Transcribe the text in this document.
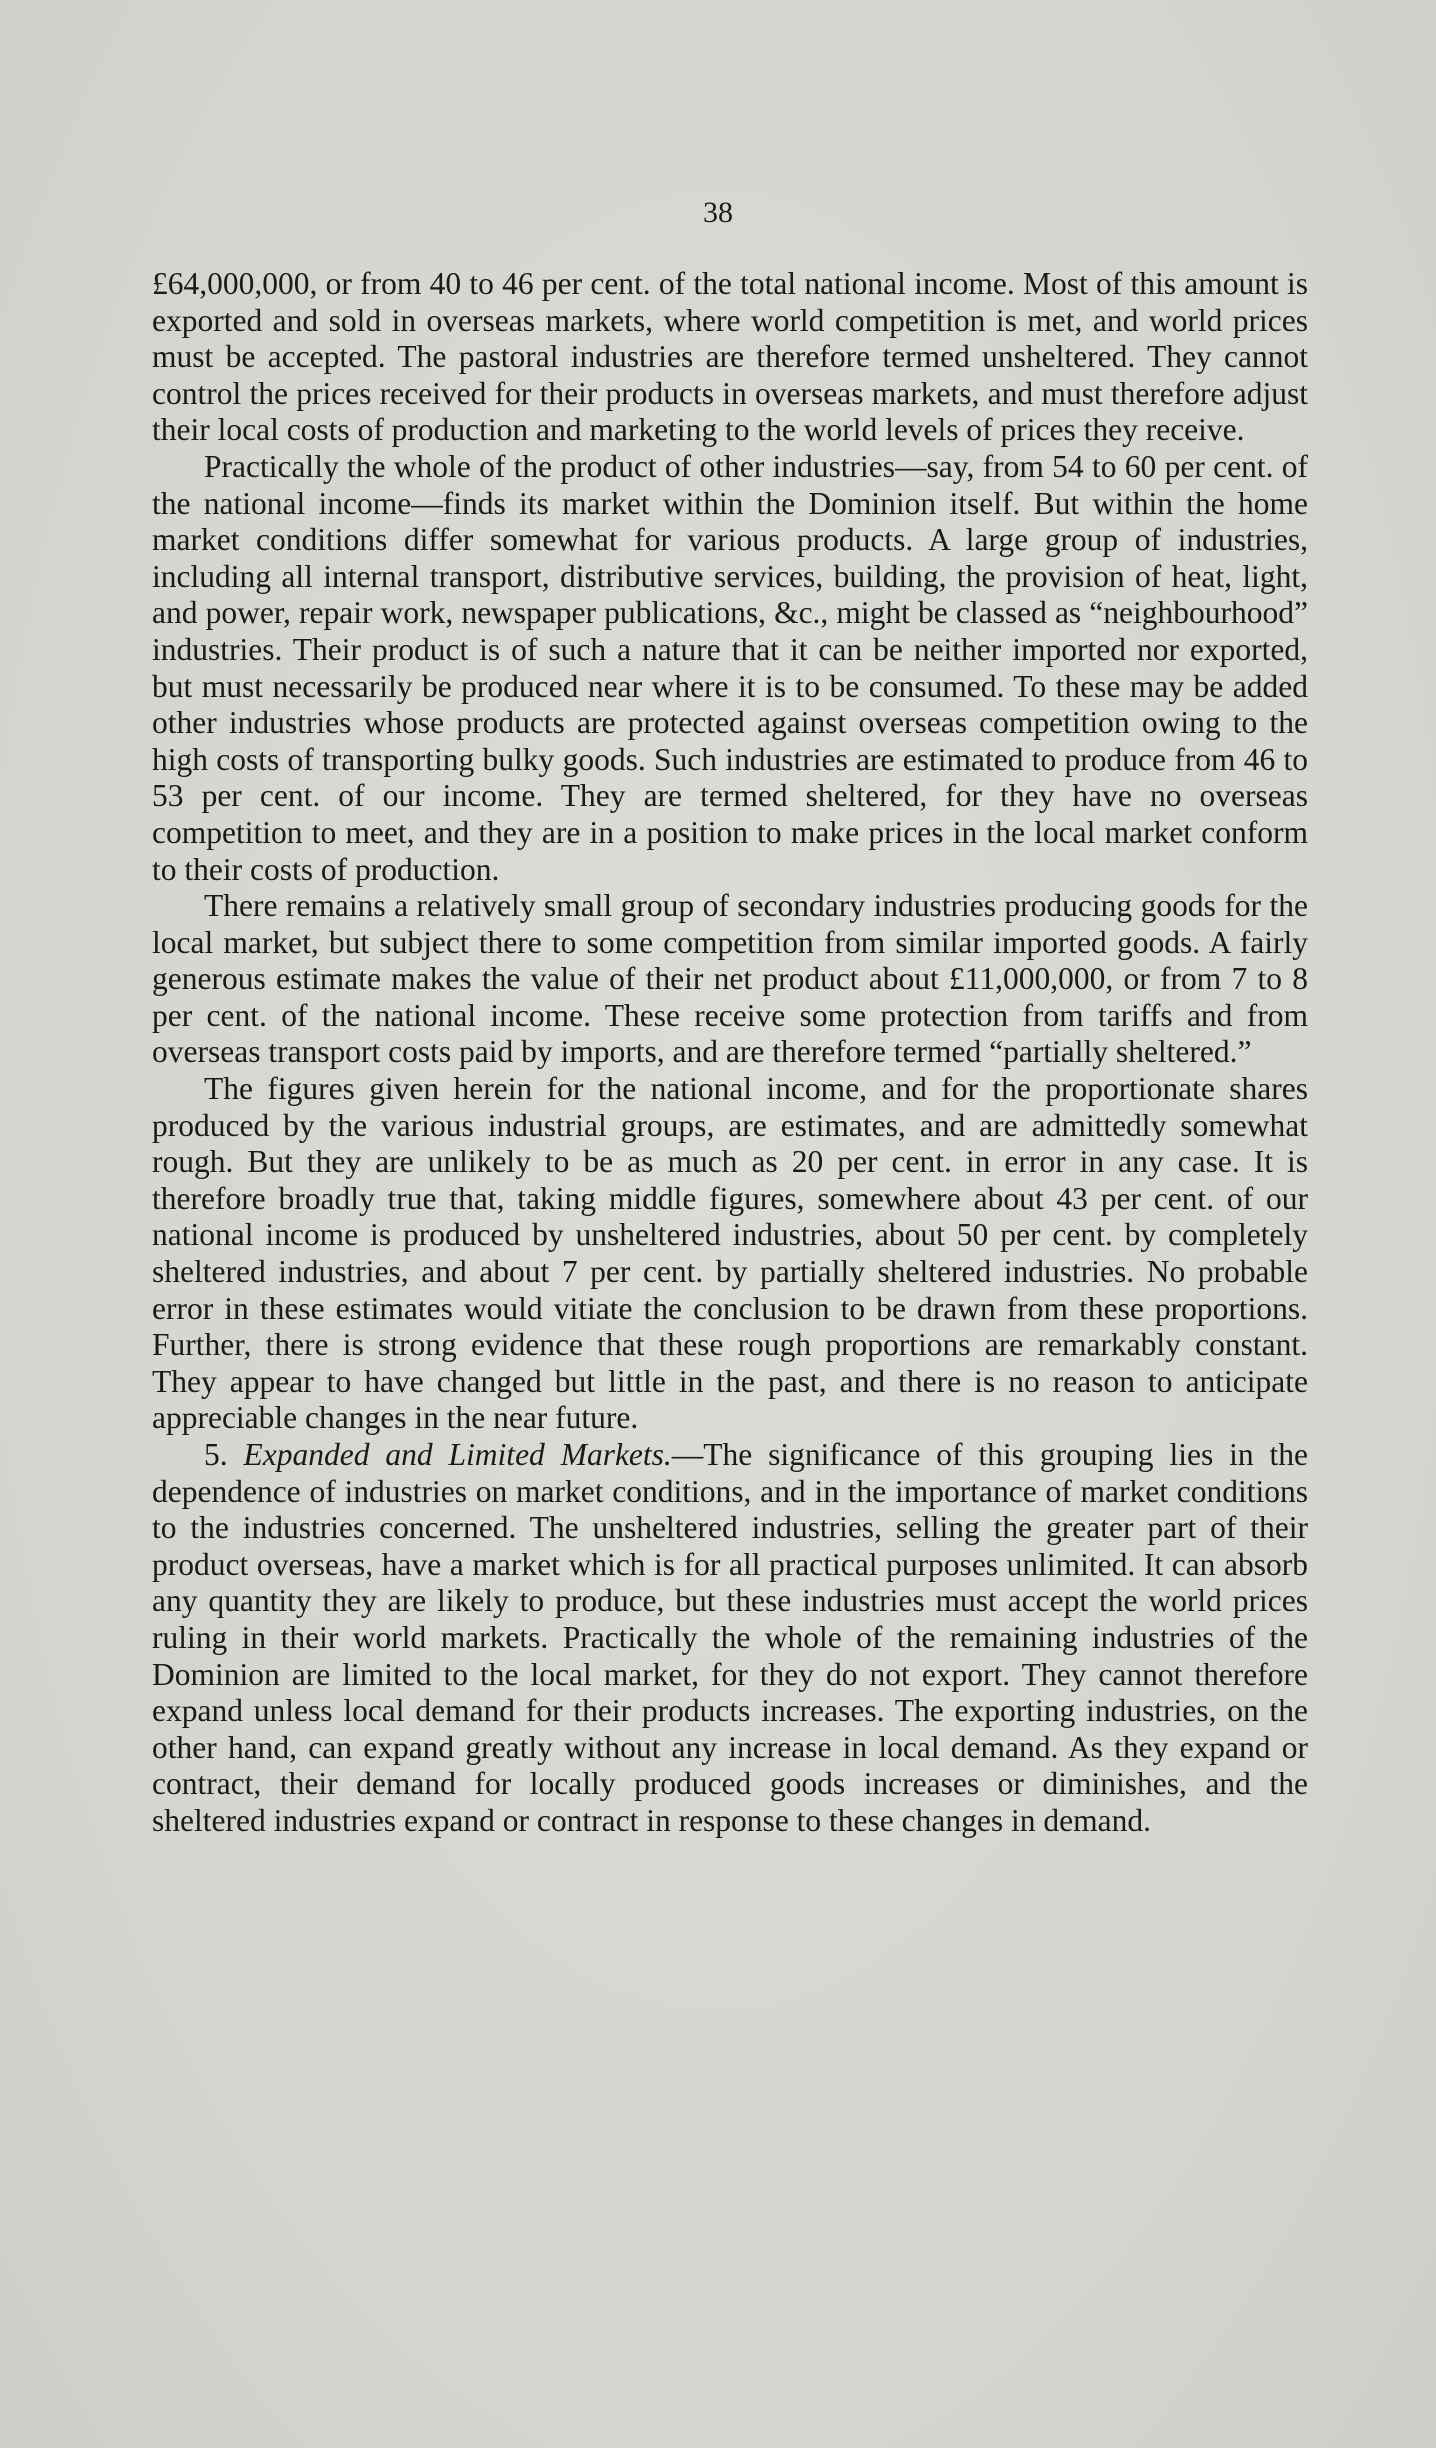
38

£64,000,000, or from 40 to 46 per cent. of the total national income. Most of this amount is exported and sold in overseas markets, where world competition is met, and world prices must be accepted. The pastoral industries are therefore termed unsheltered. They cannot control the prices received for their products in overseas markets, and must therefore adjust their local costs of production and marketing to the world levels of prices they receive.

Practically the whole of the product of other industries—say, from 54 to 60 per cent. of the national income—finds its market within the Dominion itself. But within the home market conditions differ somewhat for various products. A large group of industries, including all internal transport, distributive services, building, the provision of heat, light, and power, repair work, newspaper publications, &c., might be classed as “neighbourhood” industries. Their product is of such a nature that it can be neither imported nor exported, but must necessarily be produced near where it is to be consumed. To these may be added other industries whose products are protected against overseas competition owing to the high costs of transporting bulky goods. Such industries are estimated to produce from 46 to 53 per cent. of our income. They are termed sheltered, for they have no overseas competition to meet, and they are in a position to make prices in the local market conform to their costs of production.

There remains a relatively small group of secondary industries producing goods for the local market, but subject there to some competition from similar imported goods. A fairly generous estimate makes the value of their net product about £11,000,000, or from 7 to 8 per cent. of the national income. These receive some protection from tariffs and from overseas transport costs paid by imports, and are therefore termed “partially sheltered.”

The figures given herein for the national income, and for the proportionate shares produced by the various industrial groups, are estimates, and are admittedly somewhat rough. But they are unlikely to be as much as 20 per cent. in error in any case. It is therefore broadly true that, taking middle figures, somewhere about 43 per cent. of our national income is produced by unsheltered industries, about 50 per cent. by completely sheltered industries, and about 7 per cent. by partially sheltered industries. No probable error in these estimates would vitiate the conclusion to be drawn from these proportions. Further, there is strong evidence that these rough proportions are remarkably constant. They appear to have changed but little in the past, and there is no reason to anticipate appreciable changes in the near future.

5. Expanded and Limited Markets.—The significance of this grouping lies in the dependence of industries on market conditions, and in the importance of market conditions to the industries concerned. The unsheltered industries, selling the greater part of their product overseas, have a market which is for all practical purposes unlimited. It can absorb any quantity they are likely to produce, but these industries must accept the world prices ruling in their world markets. Practically the whole of the remaining industries of the Dominion are limited to the local market, for they do not export. They cannot therefore expand unless local demand for their products increases. The exporting industries, on the other hand, can expand greatly without any increase in local demand. As they expand or contract, their demand for locally produced goods increases or diminishes, and the sheltered industries expand or contract in response to these changes in demand.
